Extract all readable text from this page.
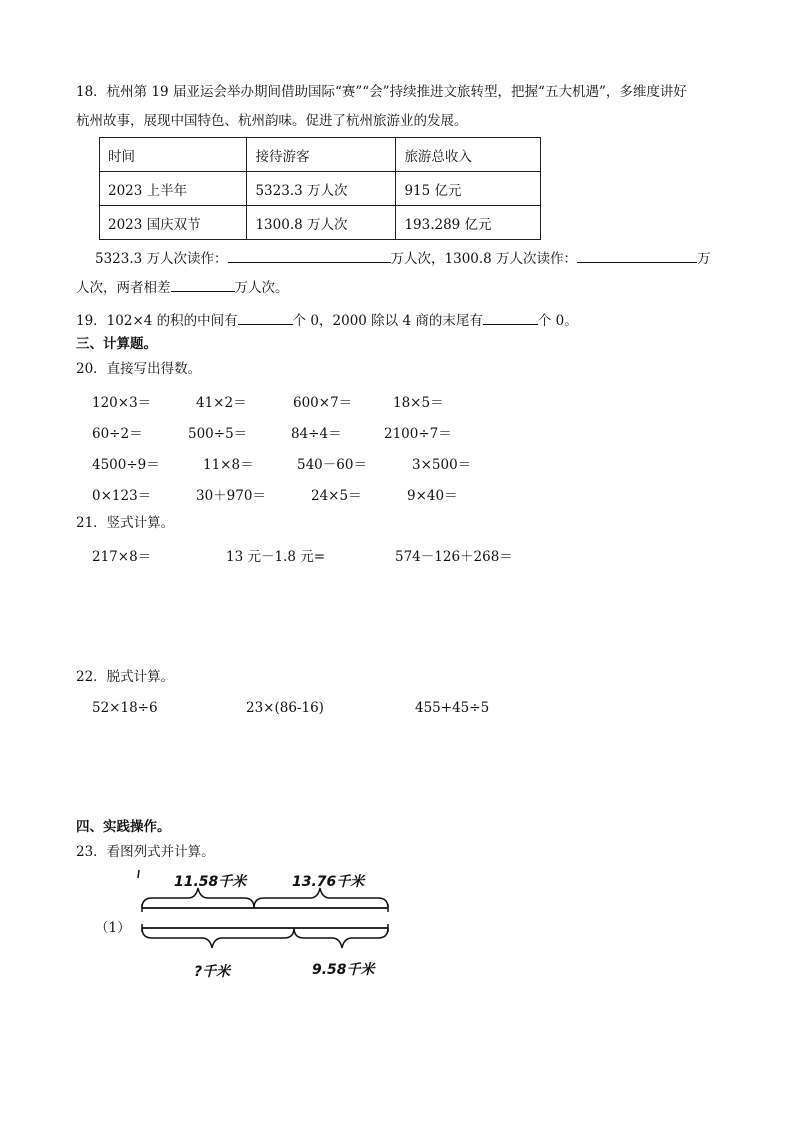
18．杭州第 19 届亚运会举办期间借助国际“赛”“会”持续推进文旅转型，把握“五大机遇”，多维度讲好
杭州故事，展现中国特色、杭州韵味。促进了杭州旅游业的发展。
时间	接待游客	旅游总收入
2023 上半年	5323.3 万人次	915 亿元
2023 国庆双节	1300.8 万人次	193.289 亿元
5323.3 万人次读作：	万人次，1300.8 万人次读作：	万
人次，两者相差	万人次。
19．102×4 的积的中间有	个 0，2000 除以 4 商的末尾有	个 0。
三、计算题。
20．直接写出得数。
120×3＝	41×2＝	600×7＝	18×5＝
60÷2＝	500÷5＝	84÷4＝	2100÷7＝
4500÷9＝	11×8＝	540－60＝	3×500＝
0×123＝	30＋970＝	24×5＝	9×40＝
21．竖式计算。
217×8＝	13 元－1.8 元=	574－126＋268＝
22．脱式计算。
52×18÷6	23×(86-16)	455+45÷5
四、实践操作。
23．看图列式并计算。
（1）
11.58千米	13.76千米
?千米	9.58千米
